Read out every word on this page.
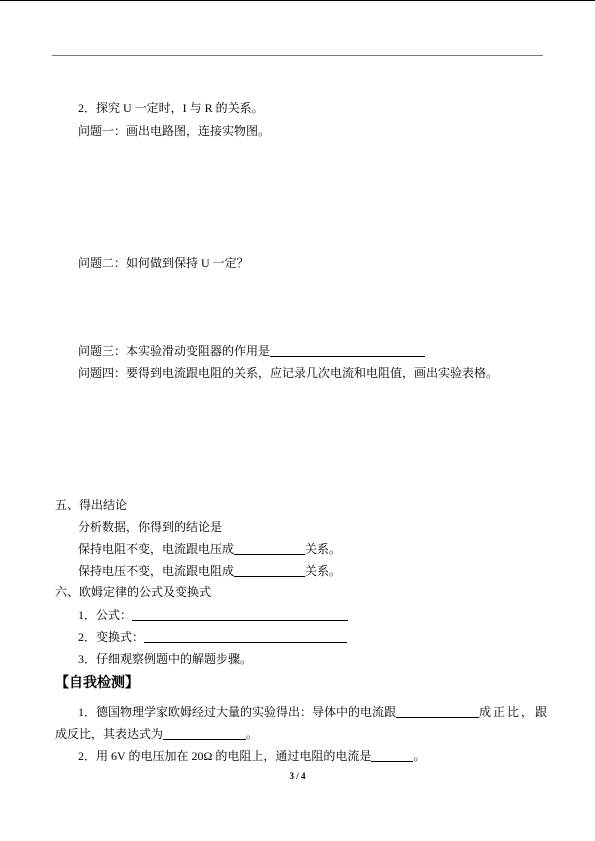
2．探究 U 一定时，I 与 R 的关系。
问题一：画出电路图，连接实物图。
问题二：如何做到保持 U 一定？
问题三：本实验滑动变阻器的作用是
问题四：要得到电流跟电阻的关系，应记录几次电流和电阻值，画出实验表格。
五、得出结论
分析数据，你得到的结论是
保持电阻不变，电流跟电压成	关系。
保持电压不变，电流跟电阻成	关系。
六、欧姆定律的公式及变换式
1．公式：
2．变换式：
3．仔细观察例题中的解题步骤。
【自我检测】
1．德国物理学家欧姆经过大量的实验得出：导体中的电流跟	成正比，跟
成反比，其表达式为	。
2．用 6V 的电压加在 20Ω 的电阻上，通过电阻的电流是	。
3 / 4
